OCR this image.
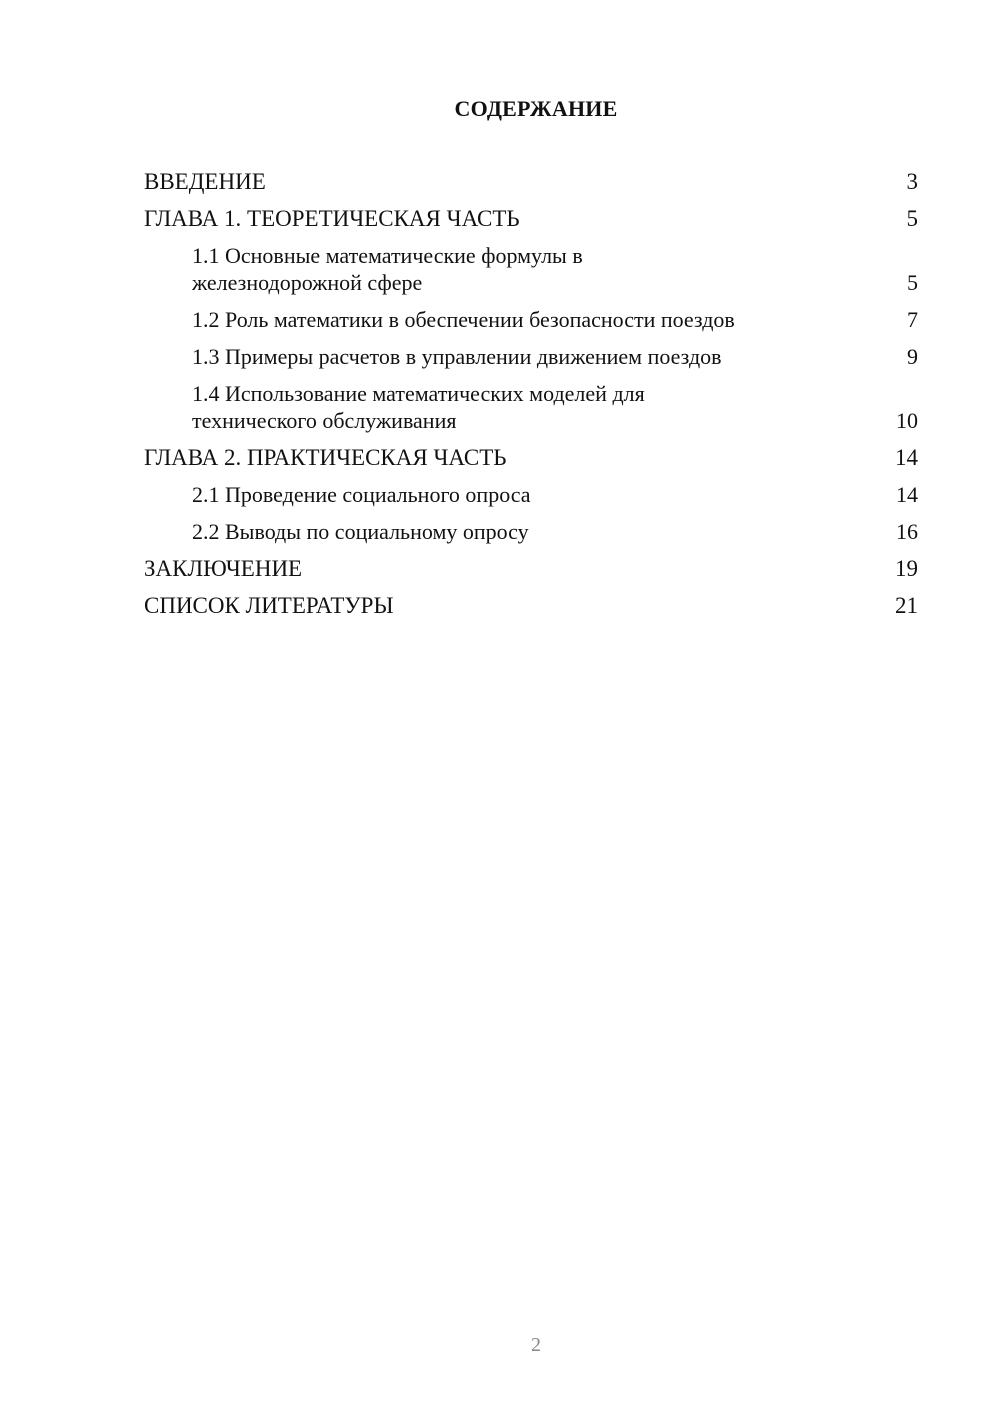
СОДЕРЖАНИЕ
ВВЕДЕНИЕ	3
ГЛАВА 1. ТЕОРЕТИЧЕСКАЯ ЧАСТЬ	5
1.1 Основные математические формулы в железнодорожной сфере	5
1.2 Роль математики в обеспечении безопасности поездов	7
1.3 Примеры расчетов в управлении движением поездов	9
1.4 Использование математических моделей для технического обслуживания	10
ГЛАВА 2. ПРАКТИЧЕСКАЯ ЧАСТЬ	14
2.1 Проведение социального опроса	14
2.2 Выводы по социальному опросу	16
ЗАКЛЮЧЕНИЕ	19
СПИСОК ЛИТЕРАТУРЫ	21
2
